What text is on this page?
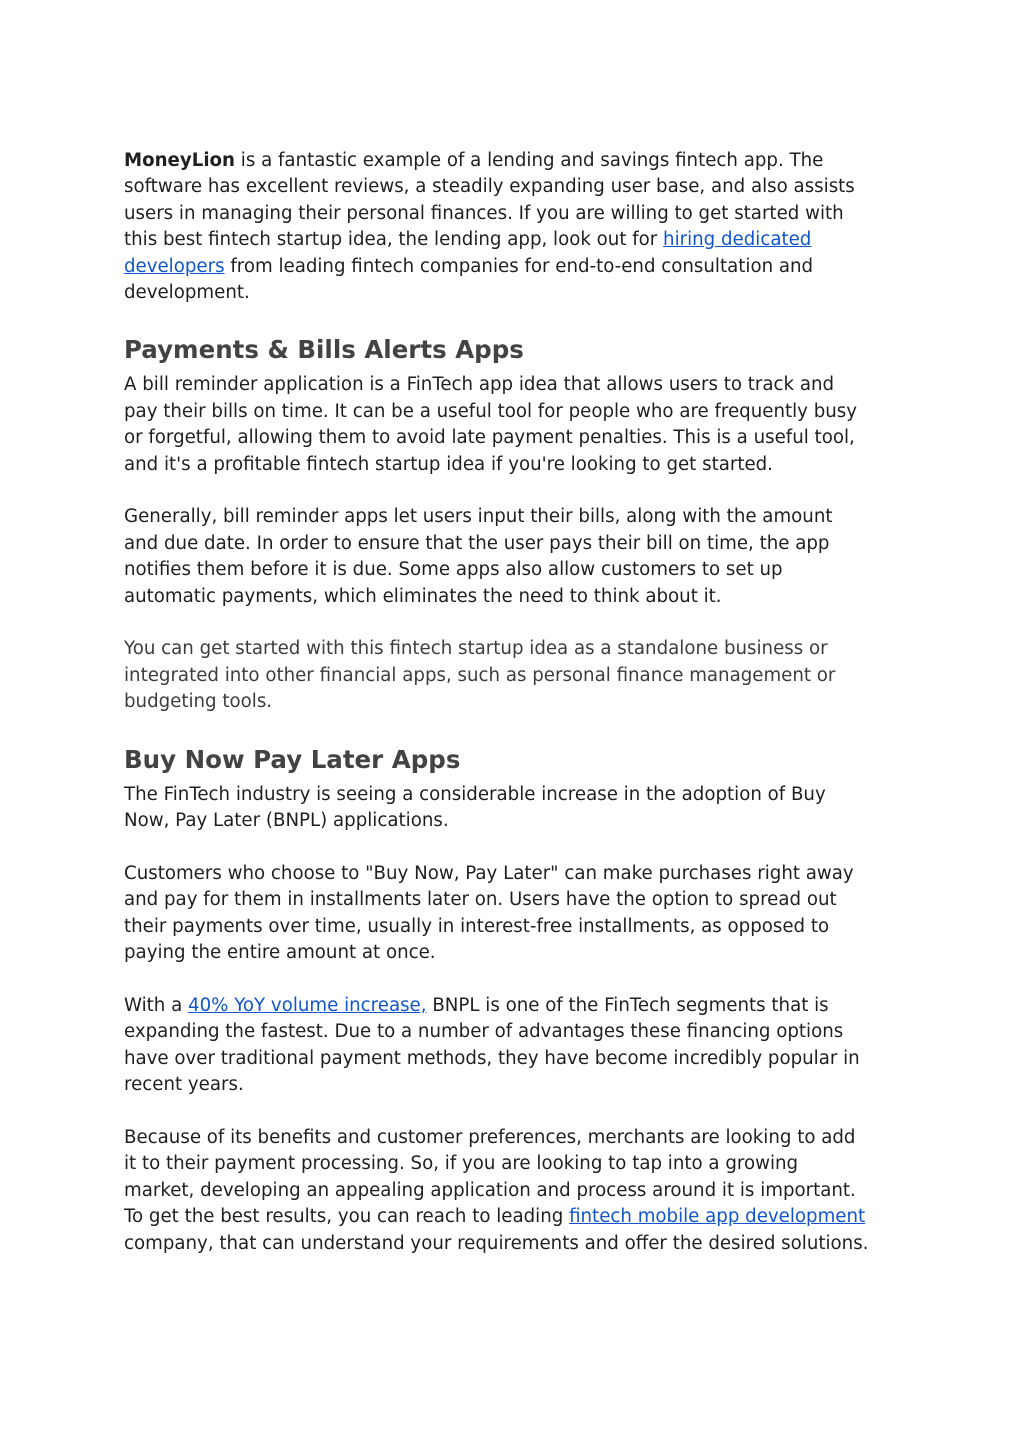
MoneyLion is a fantastic example of a lending and savings fintech app. The
software has excellent reviews, a steadily expanding user base, and also assists
users in managing their personal finances. If you are willing to get started with
this best fintech startup idea, the lending app, look out for hiring dedicated
developers from leading fintech companies for end-to-end consultation and
development.

Payments & Bills Alerts Apps

A bill reminder application is a FinTech app idea that allows users to track and
pay their bills on time. It can be a useful tool for people who are frequently busy
or forgetful, allowing them to avoid late payment penalties. This is a useful tool,
and it's a profitable fintech startup idea if you're looking to get started.

Generally, bill reminder apps let users input their bills, along with the amount
and due date. In order to ensure that the user pays their bill on time, the app
notifies them before it is due. Some apps also allow customers to set up
automatic payments, which eliminates the need to think about it.

You can get started with this fintech startup idea as a standalone business or
integrated into other financial apps, such as personal finance management or
budgeting tools.

Buy Now Pay Later Apps

The FinTech industry is seeing a considerable increase in the adoption of Buy
Now, Pay Later (BNPL) applications.

Customers who choose to "Buy Now, Pay Later" can make purchases right away
and pay for them in installments later on. Users have the option to spread out
their payments over time, usually in interest-free installments, as opposed to
paying the entire amount at once.

With a 40% YoY volume increase, BNPL is one of the FinTech segments that is
expanding the fastest. Due to a number of advantages these financing options
have over traditional payment methods, they have become incredibly popular in
recent years.

Because of its benefits and customer preferences, merchants are looking to add
it to their payment processing. So, if you are looking to tap into a growing
market, developing an appealing application and process around it is important.
To get the best results, you can reach to leading fintech mobile app development
company, that can understand your requirements and offer the desired solutions.
